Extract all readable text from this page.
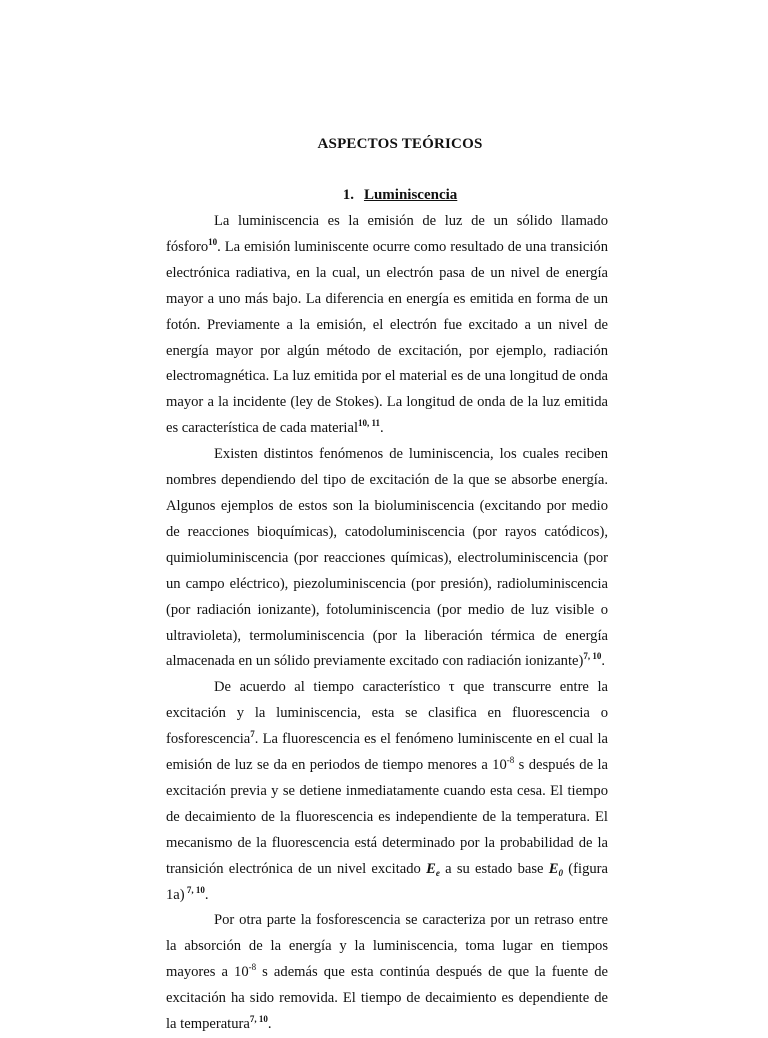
ASPECTOS TEÓRICOS
1. Luminiscencia

La luminiscencia es la emisión de luz de un sólido llamado fósforo$^{10}$. La emisión luminiscente ocurre como resultado de una transición electrónica radiativa, en la cual, un electrón pasa de un nivel de energía mayor a uno más bajo. La diferencia en energía es emitida en forma de un fotón. Previamente a la emisión, el electrón fue excitado a un nivel de energía mayor por algún método de excitación, por ejemplo, radiación electromagnética. La luz emitida por el material es de una longitud de onda mayor a la incidente (ley de Stokes). La longitud de onda de la luz emitida es característica de cada material$^{10, 11}$.

Existen distintos fenómenos de luminiscencia, los cuales reciben nombres dependiendo del tipo de excitación de la que se absorbe energía. Algunos ejemplos de estos son la bioluminiscencia (excitando por medio de reacciones bioquímicas), catodoluminiscencia (por rayos catódicos), quimioluminiscencia (por reacciones químicas), electroluminiscencia (por un campo eléctrico), piezoluminiscencia (por presión), radioluminiscencia (por radiación ionizante), fotoluminiscencia (por medio de luz visible o ultravioleta), termoluminiscencia (por la liberación térmica de energía almacenada en un sólido previamente excitado con radiación ionizante)$^{7, 10}$.

De acuerdo al tiempo característico τ que transcurre entre la excitación y la luminiscencia, esta se clasifica en fluorescencia o fosforescencia$^7$. La fluorescencia es el fenómeno luminiscente en el cual la emisión de luz se da en periodos de tiempo menores a $10^{-8}$ s después de la excitación previa y se detiene inmediatamente cuando esta cesa. El tiempo de decaimiento de la fluorescencia es independiente de la temperatura. El mecanismo de la fluorescencia está determinado por la probabilidad de la transición electrónica de un nivel excitado $E_e$ a su estado base $E_0$ (figura 1a) $^{7, 10}$.

Por otra parte la fosforescencia se caracteriza por un retraso entre la absorción de la energía y la luminiscencia, toma lugar en tiempos mayores a $10^{-8}$ s además que esta continúa después de que la fuente de excitación ha sido removida. El tiempo de decaimiento es dependiente de la temperatura$^{7, 10}$.
